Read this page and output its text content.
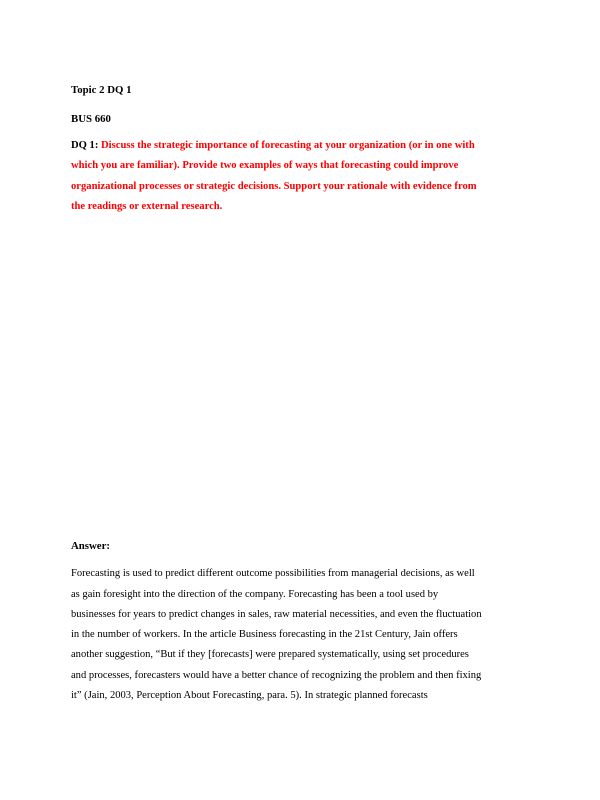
Topic 2 DQ 1
BUS 660
DQ 1: Discuss the strategic importance of forecasting at your organization (or in one with
which you are familiar). Provide two examples of ways that forecasting could improve
organizational processes or strategic decisions. Support your rationale with evidence from
the readings or external research.
Answer:
Forecasting is used to predict different outcome possibilities from managerial decisions, as well
as gain foresight into the direction of the company. Forecasting has been a tool used by
businesses for years to predict changes in sales, raw material necessities, and even the fluctuation
in the number of workers. In the article Business forecasting in the 21st Century, Jain offers
another suggestion, “But if they [forecasts] were prepared systematically, using set procedures
and processes, forecasters would have a better chance of recognizing the problem and then fixing
it” (Jain, 2003, Perception About Forecasting, para. 5). In strategic planned forecasts
